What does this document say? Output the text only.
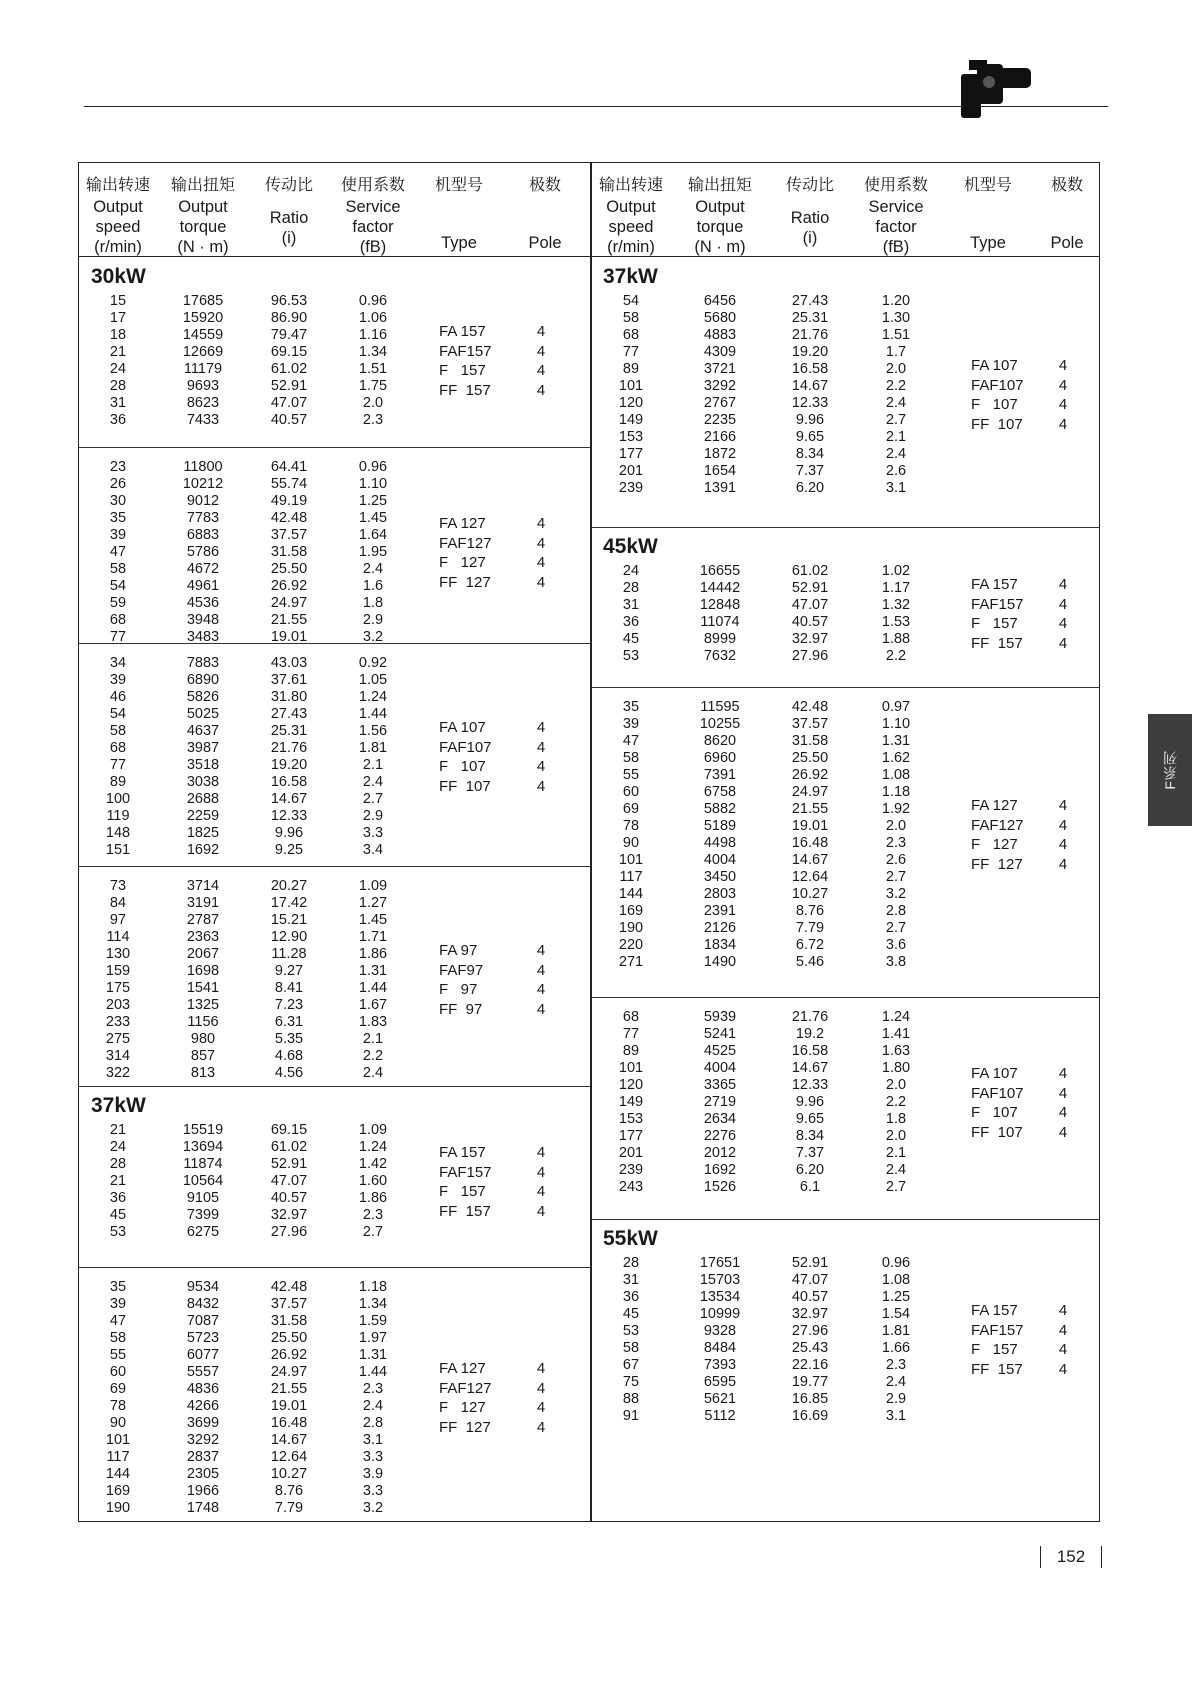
F系列
152
输出转速
Output
speed
(r/min)
输出扭矩
Output
torque
(N · m)
传动比
Ratio
(i)
使用系数
Service
factor
(fB)
机型号
Type
极数
Pole
30kW
15	17685	96.53	0.96
17	15920	86.90	1.06
18	14559	79.47	1.16
21	12669	69.15	1.34
24	11179	61.02	1.51
28	9693	52.91	1.75
31	8623	47.07	2.0
36	7433	40.57	2.3
FA 157	4
FAF157	4
F   157	4
FF  157	4
23	11800	64.41	0.96
26	10212	55.74	1.10
30	9012	49.19	1.25
35	7783	42.48	1.45
39	6883	37.57	1.64
47	5786	31.58	1.95
58	4672	25.50	2.4
54	4961	26.92	1.6
59	4536	24.97	1.8
68	3948	21.55	2.9
77	3483	19.01	3.2
FA 127	4
FAF127	4
F   127	4
FF  127	4
34	7883	43.03	0.92
39	6890	37.61	1.05
46	5826	31.80	1.24
54	5025	27.43	1.44
58	4637	25.31	1.56
68	3987	21.76	1.81
77	3518	19.20	2.1
89	3038	16.58	2.4
100	2688	14.67	2.7
119	2259	12.33	2.9
148	1825	9.96	3.3
151	1692	9.25	3.4
FA 107	4
FAF107	4
F   107	4
FF  107	4
73	3714	20.27	1.09
84	3191	17.42	1.27
97	2787	15.21	1.45
114	2363	12.90	1.71
130	2067	11.28	1.86
159	1698	9.27	1.31
175	1541	8.41	1.44
203	1325	7.23	1.67
233	1156	6.31	1.83
275	980	5.35	2.1
314	857	4.68	2.2
322	813	4.56	2.4
FA 97	4
FAF97	4
F   97	4
FF  97	4
37kW
21	15519	69.15	1.09
24	13694	61.02	1.24
28	11874	52.91	1.42
21	10564	47.07	1.60
36	9105	40.57	1.86
45	7399	32.97	2.3
53	6275	27.96	2.7
FA 157	4
FAF157	4
F   157	4
FF  157	4
35	9534	42.48	1.18
39	8432	37.57	1.34
47	7087	31.58	1.59
58	5723	25.50	1.97
55	6077	26.92	1.31
60	5557	24.97	1.44
69	4836	21.55	2.3
78	4266	19.01	2.4
90	3699	16.48	2.8
101	3292	14.67	3.1
117	2837	12.64	3.3
144	2305	10.27	3.9
169	1966	8.76	3.3
190	1748	7.79	3.2
FA 127	4
FAF127	4
F   127	4
FF  127	4
输出转速
Output
speed
(r/min)
输出扭矩
Output
torque
(N · m)
传动比
Ratio
(i)
使用系数
Service
factor
(fB)
机型号
Type
极数
Pole
37kW
54	6456	27.43	1.20
58	5680	25.31	1.30
68	4883	21.76	1.51
77	4309	19.20	1.7
89	3721	16.58	2.0
101	3292	14.67	2.2
120	2767	12.33	2.4
149	2235	9.96	2.7
153	2166	9.65	2.1
177	1872	8.34	2.4
201	1654	7.37	2.6
239	1391	6.20	3.1
FA 107	4
FAF107	4
F   107	4
FF  107	4
45kW
24	16655	61.02	1.02
28	14442	52.91	1.17
31	12848	47.07	1.32
36	11074	40.57	1.53
45	8999	32.97	1.88
53	7632	27.96	2.2
FA 157	4
FAF157	4
F   157	4
FF  157	4
35	11595	42.48	0.97
39	10255	37.57	1.10
47	8620	31.58	1.31
58	6960	25.50	1.62
55	7391	26.92	1.08
60	6758	24.97	1.18
69	5882	21.55	1.92
78	5189	19.01	2.0
90	4498	16.48	2.3
101	4004	14.67	2.6
117	3450	12.64	2.7
144	2803	10.27	3.2
169	2391	8.76	2.8
190	2126	7.79	2.7
220	1834	6.72	3.6
271	1490	5.46	3.8
FA 127	4
FAF127	4
F   127	4
FF  127	4
68	5939	21.76	1.24
77	5241	19.2	1.41
89	4525	16.58	1.63
101	4004	14.67	1.80
120	3365	12.33	2.0
149	2719	9.96	2.2
153	2634	9.65	1.8
177	2276	8.34	2.0
201	2012	7.37	2.1
239	1692	6.20	2.4
243	1526	6.1	2.7
FA 107	4
FAF107	4
F   107	4
FF  107	4
55kW
28	17651	52.91	0.96
31	15703	47.07	1.08
36	13534	40.57	1.25
45	10999	32.97	1.54
53	9328	27.96	1.81
58	8484	25.43	1.66
67	7393	22.16	2.3
75	6595	19.77	2.4
88	5621	16.85	2.9
91	5112	16.69	3.1
FA 157	4
FAF157	4
F   157	4
FF  157	4
